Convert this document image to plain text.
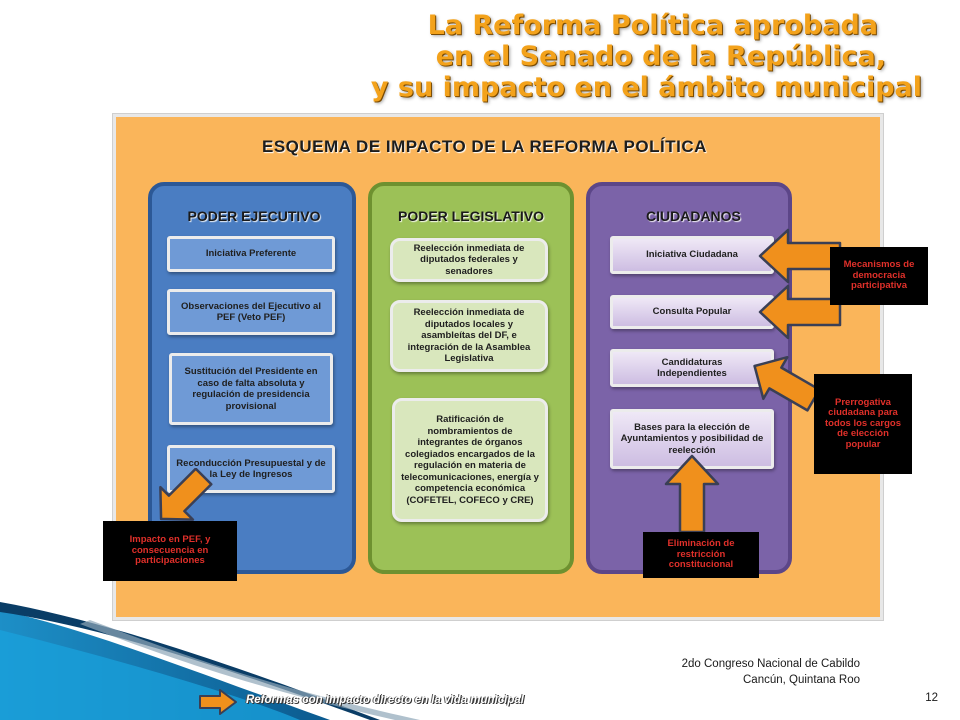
La Reforma Política aprobada
en el Senado de la República,
y su impacto en el ámbito municipal
ESQUEMA DE IMPACTO DE LA REFORMA POLÍTICA
PODER EJECUTIVO	PODER LEGISLATIVO	CIUDADANOS
Iniciativa Preferente
Observaciones del Ejecutivo al PEF (Veto PEF)
Sustitución del Presidente en caso de falta absoluta y regulación de presidencia provisional
Reconducción Presupuestal y de la Ley de Ingresos
Reelección inmediata de diputados federales y senadores
Reelección inmediata de diputados locales y asambleítas del DF, e integración de la Asamblea Legislativa
Ratificación de nombramientos de integrantes de órganos colegiados encargados de la regulación en materia de telecomunicaciones, energía y competencia económica (COFETEL, COFECO y CRE)
Iniciativa Ciudadana
Consulta Popular
Candidaturas Independientes
Bases para la elección de Ayuntamientos y posibilidad de reelección
Impacto en PEF, y consecuencia en participaciones
Mecanismos de democracia participativa
Prerrogativa ciudadana para todos los cargos de elección popular
Eliminación de restricción constitucional
2do Congreso Nacional de Cabildo
Cancún, Quintana Roo
12
Reformas con impacto directo en la vida municipal
